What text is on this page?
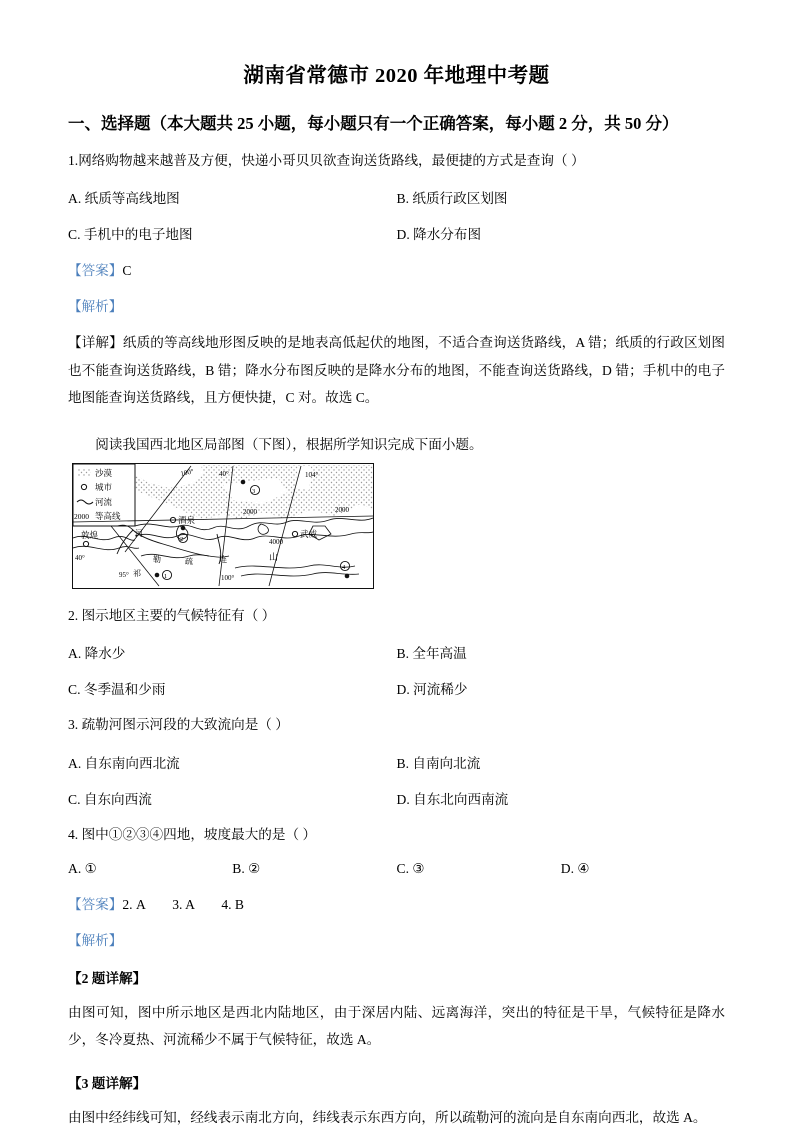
湖南省常德市 2020 年地理中考题
一、选择题（本大题共 25 小题，每小题只有一个正确答案，每小题 2 分，共 50 分）
1.网络购物越来越普及方便，快递小哥贝贝欲查询送货路线，最便捷的方式是查询（ ）
A. 纸质等高线地图	B. 纸质行政区划图
C. 手机中的电子地图	D. 降水分布图
【答案】C
【解析】
【详解】纸质的等高线地形图反映的是地表高低起伏的地图，不适合查询送货路线，A 错；纸质的行政区划图也不能查询送货路线，B 错；降水分布图反映的是降水分布的地图，不能查询送货路线，D 错；手机中的电子地图能查询送货路线，且方便快捷，C 对。故选 C。
阅读我国西北地区局部图（下图），根据所学知识完成下面小题。
沙漠
城市
河流
2000 等高线
100°	40°	104°
40°
95°	100°
2000	2000
4000
酒泉
敦煌	武威
河
勒	疏	连
祁
山
1
2
3
4
2. 图示地区主要的气候特征有（ ）
A. 降水少	B. 全年高温
C. 冬季温和少雨	D. 河流稀少
3. 疏勒河图示河段的大致流向是（ ）
A. 自东南向西北流	B. 自南向北流
C. 自东向西流	D. 自东北向西南流
4. 图中①②③④四地，坡度最大的是（ ）
A. ①	B. ②	C. ③	D. ④
【答案】2. A　　3. A　　4. B
【解析】
【2 题详解】
由图可知，图中所示地区是西北内陆地区，由于深居内陆、远离海洋，突出的特征是干旱，气候特征是降水少，冬冷夏热、河流稀少不属于气候特征，故选 A。
【3 题详解】
由图中经纬线可知，经线表示南北方向，纬线表示东西方向，所以疏勒河的流向是自东南向西北，故选 A。
